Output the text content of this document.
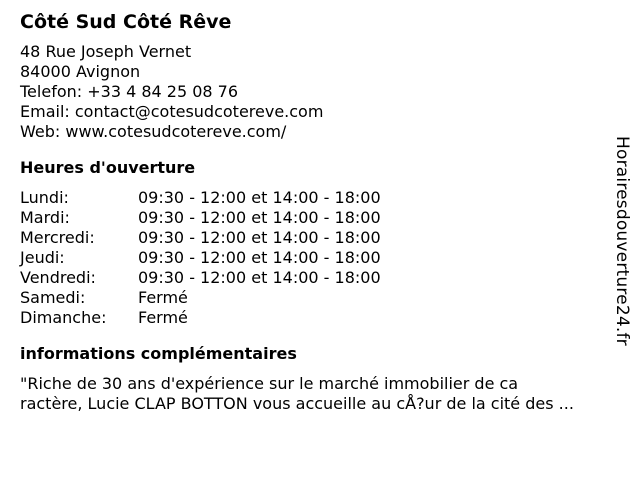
Côté Sud Côté Rêve
48 Rue Joseph Vernet
84000 Avignon
Telefon: +33 4 84 25 08 76
Email: contact@cotesudcotereve.com
Web: www.cotesudcotereve.com/
Heures d'ouverture
Lundi:	09:30 - 12:00 et 14:00 - 18:00
Mardi:	09:30 - 12:00 et 14:00 - 18:00
Mercredi:	09:30 - 12:00 et 14:00 - 18:00
Jeudi:	09:30 - 12:00 et 14:00 - 18:00
Vendredi:	09:30 - 12:00 et 14:00 - 18:00
Samedi:	Fermé
Dimanche:	Fermé
informations complémentaires
"Riche de 30 ans d'expérience sur le marché immobilier de ca
ractère, Lucie CLAP BOTTON vous accueille au cÅ?ur de la cité des ...
Horairesdouverture24.fr
